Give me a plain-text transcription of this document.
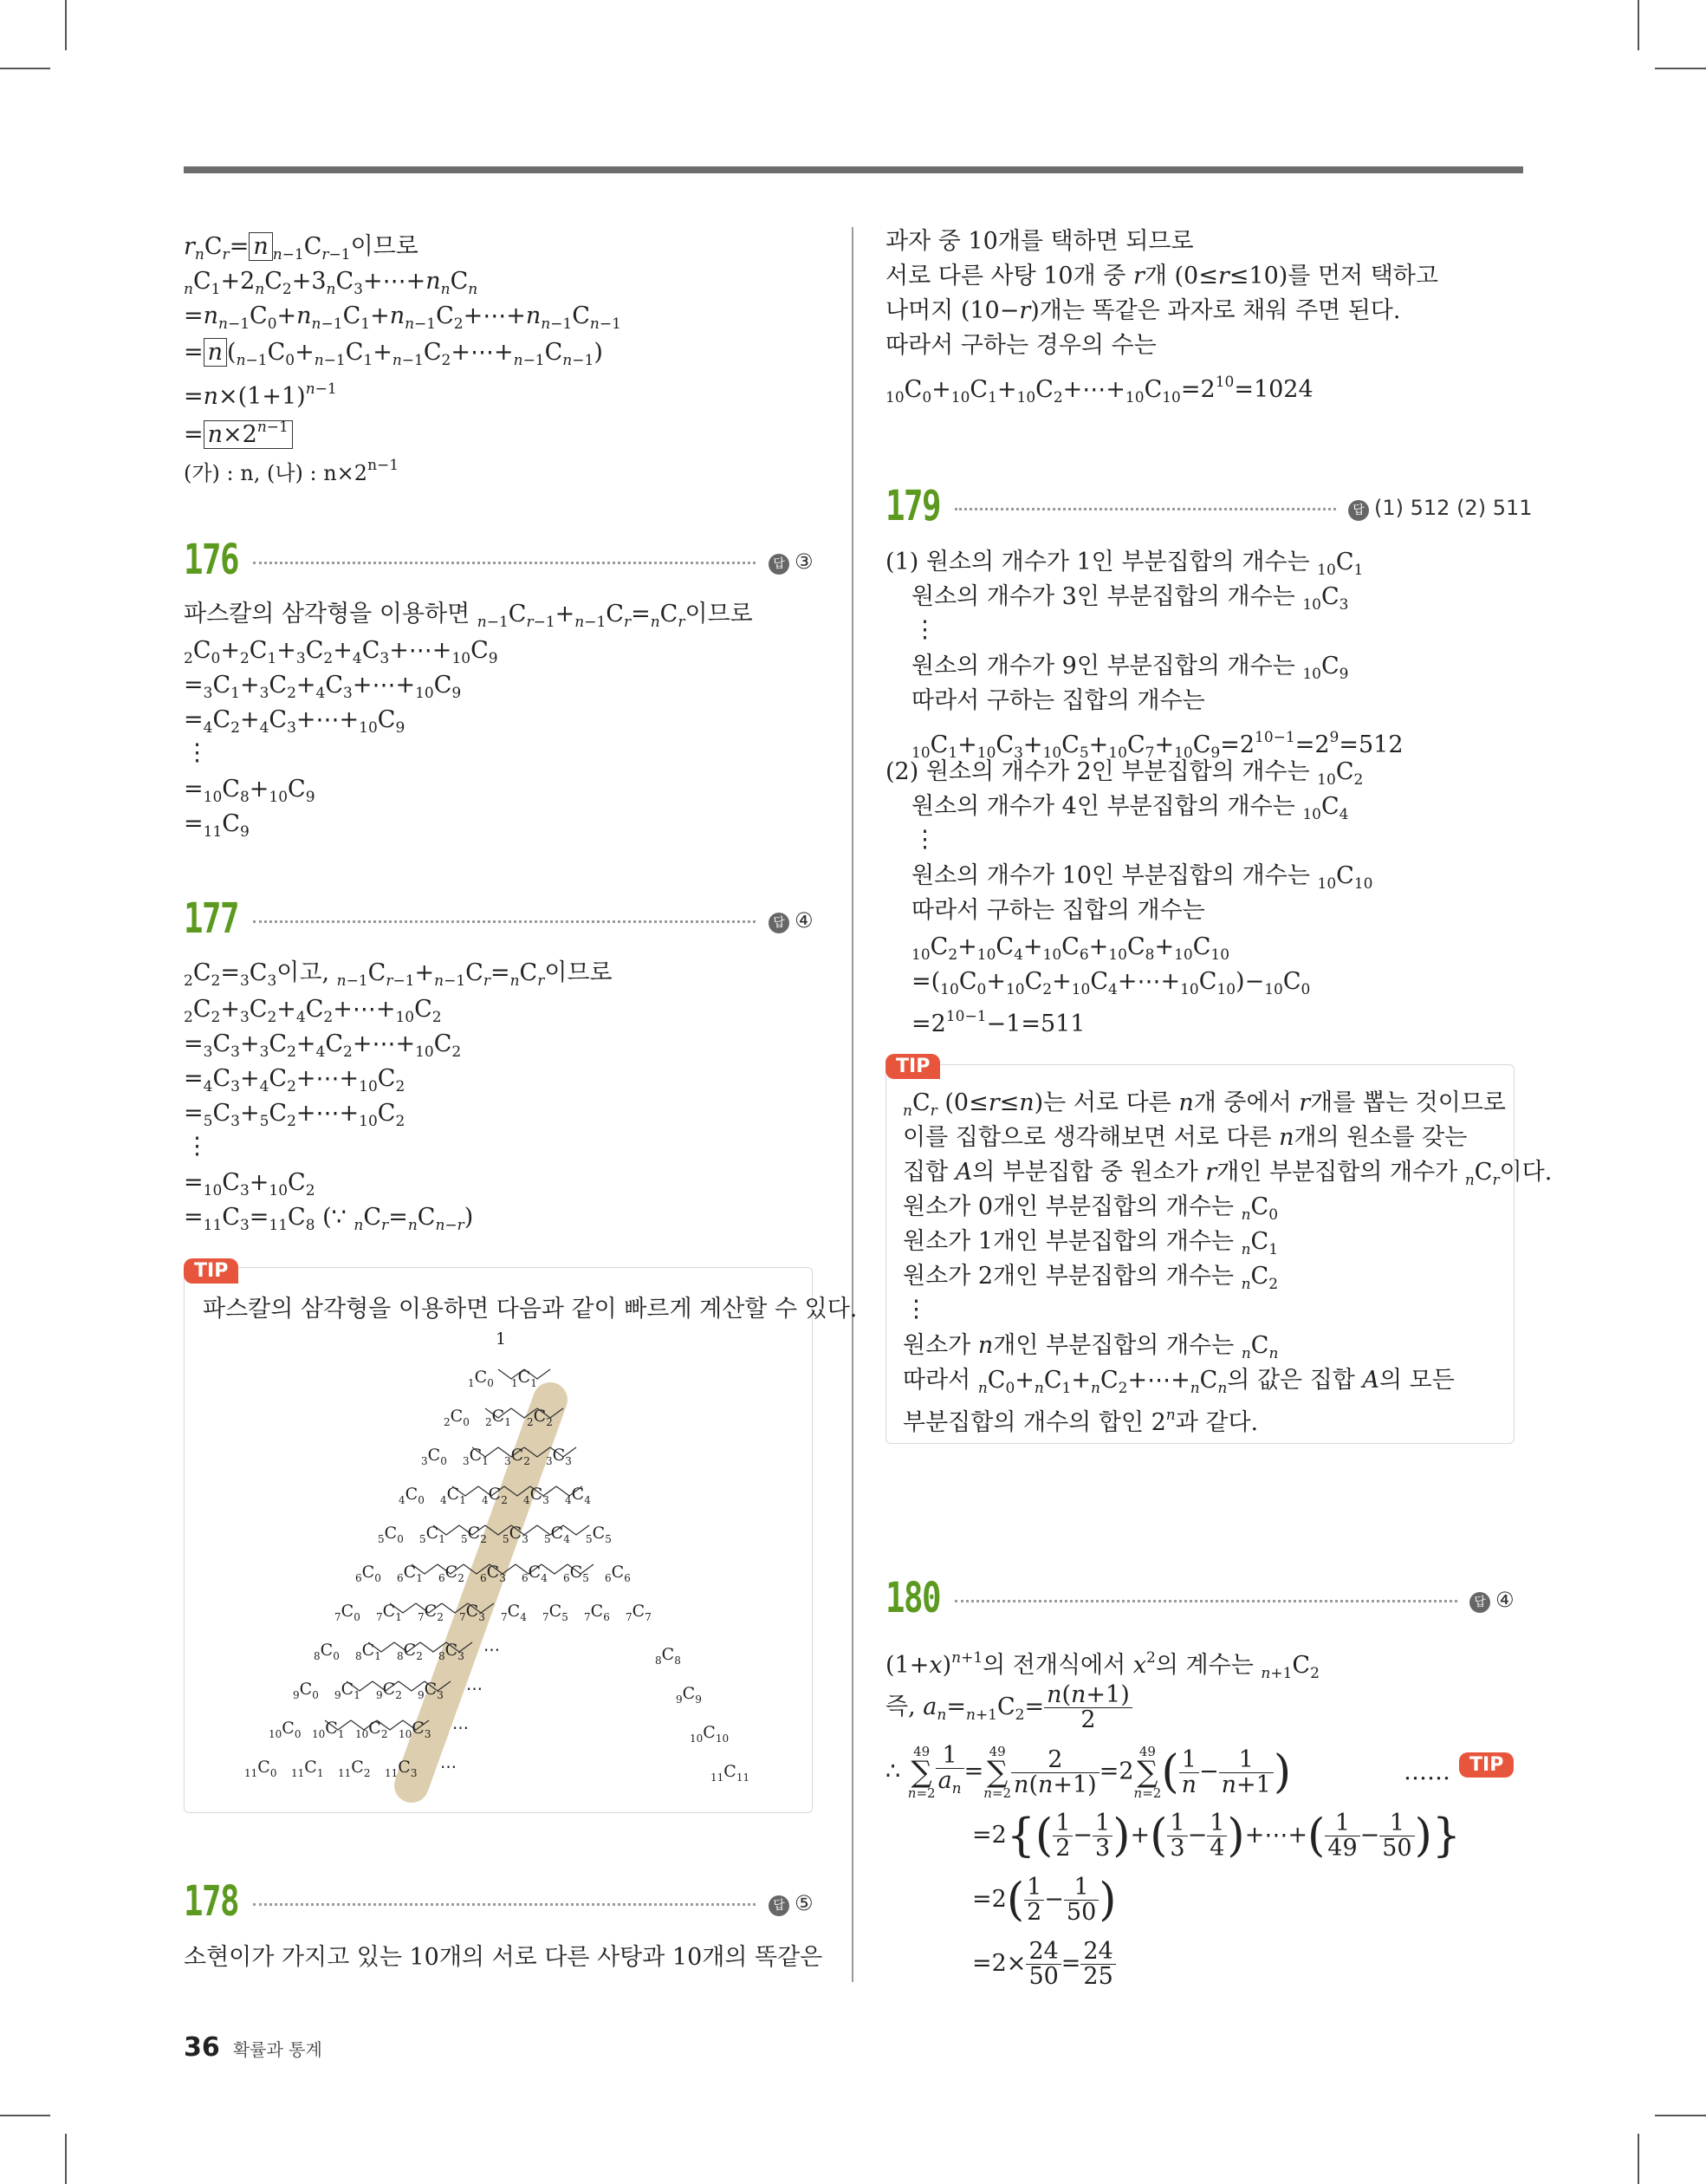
$r_nC_r= n$ $_{n-1}C_{r-1}$이므로
$_nC_1+2_nC_2+3_nC_3+\cdots+n_nC_n$
$=n_{n-1}C_0+n_{n-1}C_1+n_{n-1}C_2+\cdots+n_{n-1}C_{n-1}$
= n $(_{n-1}C_0+_{n-1}C_1+_{n-1}C_2+\cdots+_{n-1}C_{n-1})$
$=n\times(1+1)^{n-1}$
= $n\times 2^{n-1}$
(가) : n, (나) : $n\times 2^{n-1}$
176	답 ③
파스칼의 삼각형을 이용하면 $_{n-1}C_{r-1}+_{n-1}C_r=_nC_r$이므로
$_2C_0+_2C_1+_3C_2+_4C_3+\cdots+_{10}C_9$
$=_3C_1+_3C_2+_4C_3+\cdots+_{10}C_9$
$=_4C_2+_4C_3+\cdots+_{10}C_9$
⋮
$=_{10}C_8+_{10}C_9$
$=_{11}C_9$
177	답 ④
$_2C_2=_3C_3$이고, $_{n-1}C_{r-1}+_{n-1}C_r=_nC_r$이므로
$_2C_2+_3C_2+_4C_2+\cdots+_{10}C_2$
$=_3C_3+_3C_2+_4C_2+\cdots+_{10}C_2$
$=_4C_3+_4C_2+\cdots+_{10}C_2$
$=_5C_3+_5C_2+\cdots+_{10}C_2$
⋮
$=_{10}C_3+_{10}C_2$
$=_{11}C_3=_{11}C_8$ (∵ $_nC_r=_nC_{n-r}$)
TIP
파스칼의 삼각형을 이용하면 다음과 같이 빠르게 계산할 수 있다.
1
$_1C_0$ $_1C_1$
$_2C_0$ $_2C_1$ $_2C_2$
$_3C_0$ $_3C_1$ $_3C_2$ $_3C_3$
$_4C_0$ $_4C_1$ $_4C_2$ $_4C_3$ $_4C_4$
$_5C_0$ $_5C_1$ $_5C_2$ $_5C_3$ $_5C_4$ $_5C_5$
$_6C_0$ $_6C_1$ $_6C_2$ $_6C_3$ $_6C_4$ $_6C_5$ $_6C_6$
$_7C_0$ $_7C_1$ $_7C_2$ $_7C_3$ $_7C_4$ $_7C_5$ $_7C_6$ $_7C_7$
$_8C_0$ $_8C_1$ $_8C_2$ $_8C_3$ ⋯
$_8C_8$
$_9C_0$ $_9C_1$ $_9C_2$ $_9C_3$ ⋯
$_9C_9$
$_{10}C_0$ $_{10}C_1$ $_{10}C_2$ $_{10}C_3$ ⋯
$_{10}C_{10}$
$_{11}C_0$ $_{11}C_1$ $_{11}C_2$ $_{11}C_3$ ⋯
$_{11}C_{11}$
178	답 ⑤
소현이가 가지고 있는 10개의 서로 다른 사탕과 10개의 똑같은
과자 중 10개를 택하면 되므로
서로 다른 사탕 10개 중 r개 (0≤r≤10)를 먼저 택하고
나머지 (10−r)개는 똑같은 과자로 채워 주면 된다.
따라서 구하는 경우의 수는
$_{10}C_0+_{10}C_1+_{10}C_2+\cdots+_{10}C_{10}=2^{10}=1024$
179	답 (1) 512 (2) 511
(1) 원소의 개수가 1인 부분집합의 개수는 $_{10}C_1$
원소의 개수가 3인 부분집합의 개수는 $_{10}C_3$
⋮
원소의 개수가 9인 부분집합의 개수는 $_{10}C_9$
따라서 구하는 집합의 개수는
$_{10}C_1+_{10}C_3+_{10}C_5+_{10}C_7+_{10}C_9=2^{10-1}=2^9=512$
(2) 원소의 개수가 2인 부분집합의 개수는 $_{10}C_2$
원소의 개수가 4인 부분집합의 개수는 $_{10}C_4$
⋮
원소의 개수가 10인 부분집합의 개수는 $_{10}C_{10}$
따라서 구하는 집합의 개수는
$_{10}C_2+_{10}C_4+_{10}C_6+_{10}C_8+_{10}C_{10}$
$=(_{10}C_0+_{10}C_2+_{10}C_4+\cdots+_{10}C_{10})-_{10}C_0$
$=2^{10-1}-1=511$
TIP
$_nC_r$ (0≤r≤n)는 서로 다른 n개 중에서 r개를 뽑는 것이므로
이를 집합으로 생각해보면 서로 다른 n개의 원소를 갖는
집합 A의 부분집합 중 원소가 r개인 부분집합의 개수가 $_nC_r$이다.
원소가 0개인 부분집합의 개수는 $_nC_0$
원소가 1개인 부분집합의 개수는 $_nC_1$
원소가 2개인 부분집합의 개수는 $_nC_2$
⋮
원소가 n개인 부분집합의 개수는 $_nC_n$
따라서 $_nC_0+_nC_1+_nC_2+\cdots+_nC_n$의 값은 집합 A의 모든
부분집합의 개수의 합인 2$^n$과 같다.
180	답 ④
$(1+x)^{n+1}$의 전개식에서 $x^2$의 계수는 $_{n+1}C_2$
즉, $a_n=_{n+1}C_2= \frac{n(n+1)}{2}$
∴ 49
∑
$n=2 \frac{1}{a_n} =49$
∑
$n=2 \frac{2}{n(n+1)} =249$
∑
$n=2( \frac{1}{n} - \frac{1}{n+1}$ )	……	TIP
$=2\{( \frac{1}{2} - \frac{1}{3}$ )+( $\frac{1}{3} - \frac{1}{4}$ )+⋯+( $\frac{1}{49} - \frac{1}{50}$ )}
$=2( \frac{1}{2} - \frac{1}{50}$ )
$=2\times \frac{24}{50} = \frac{24}{25}$
36 확률과 통계
